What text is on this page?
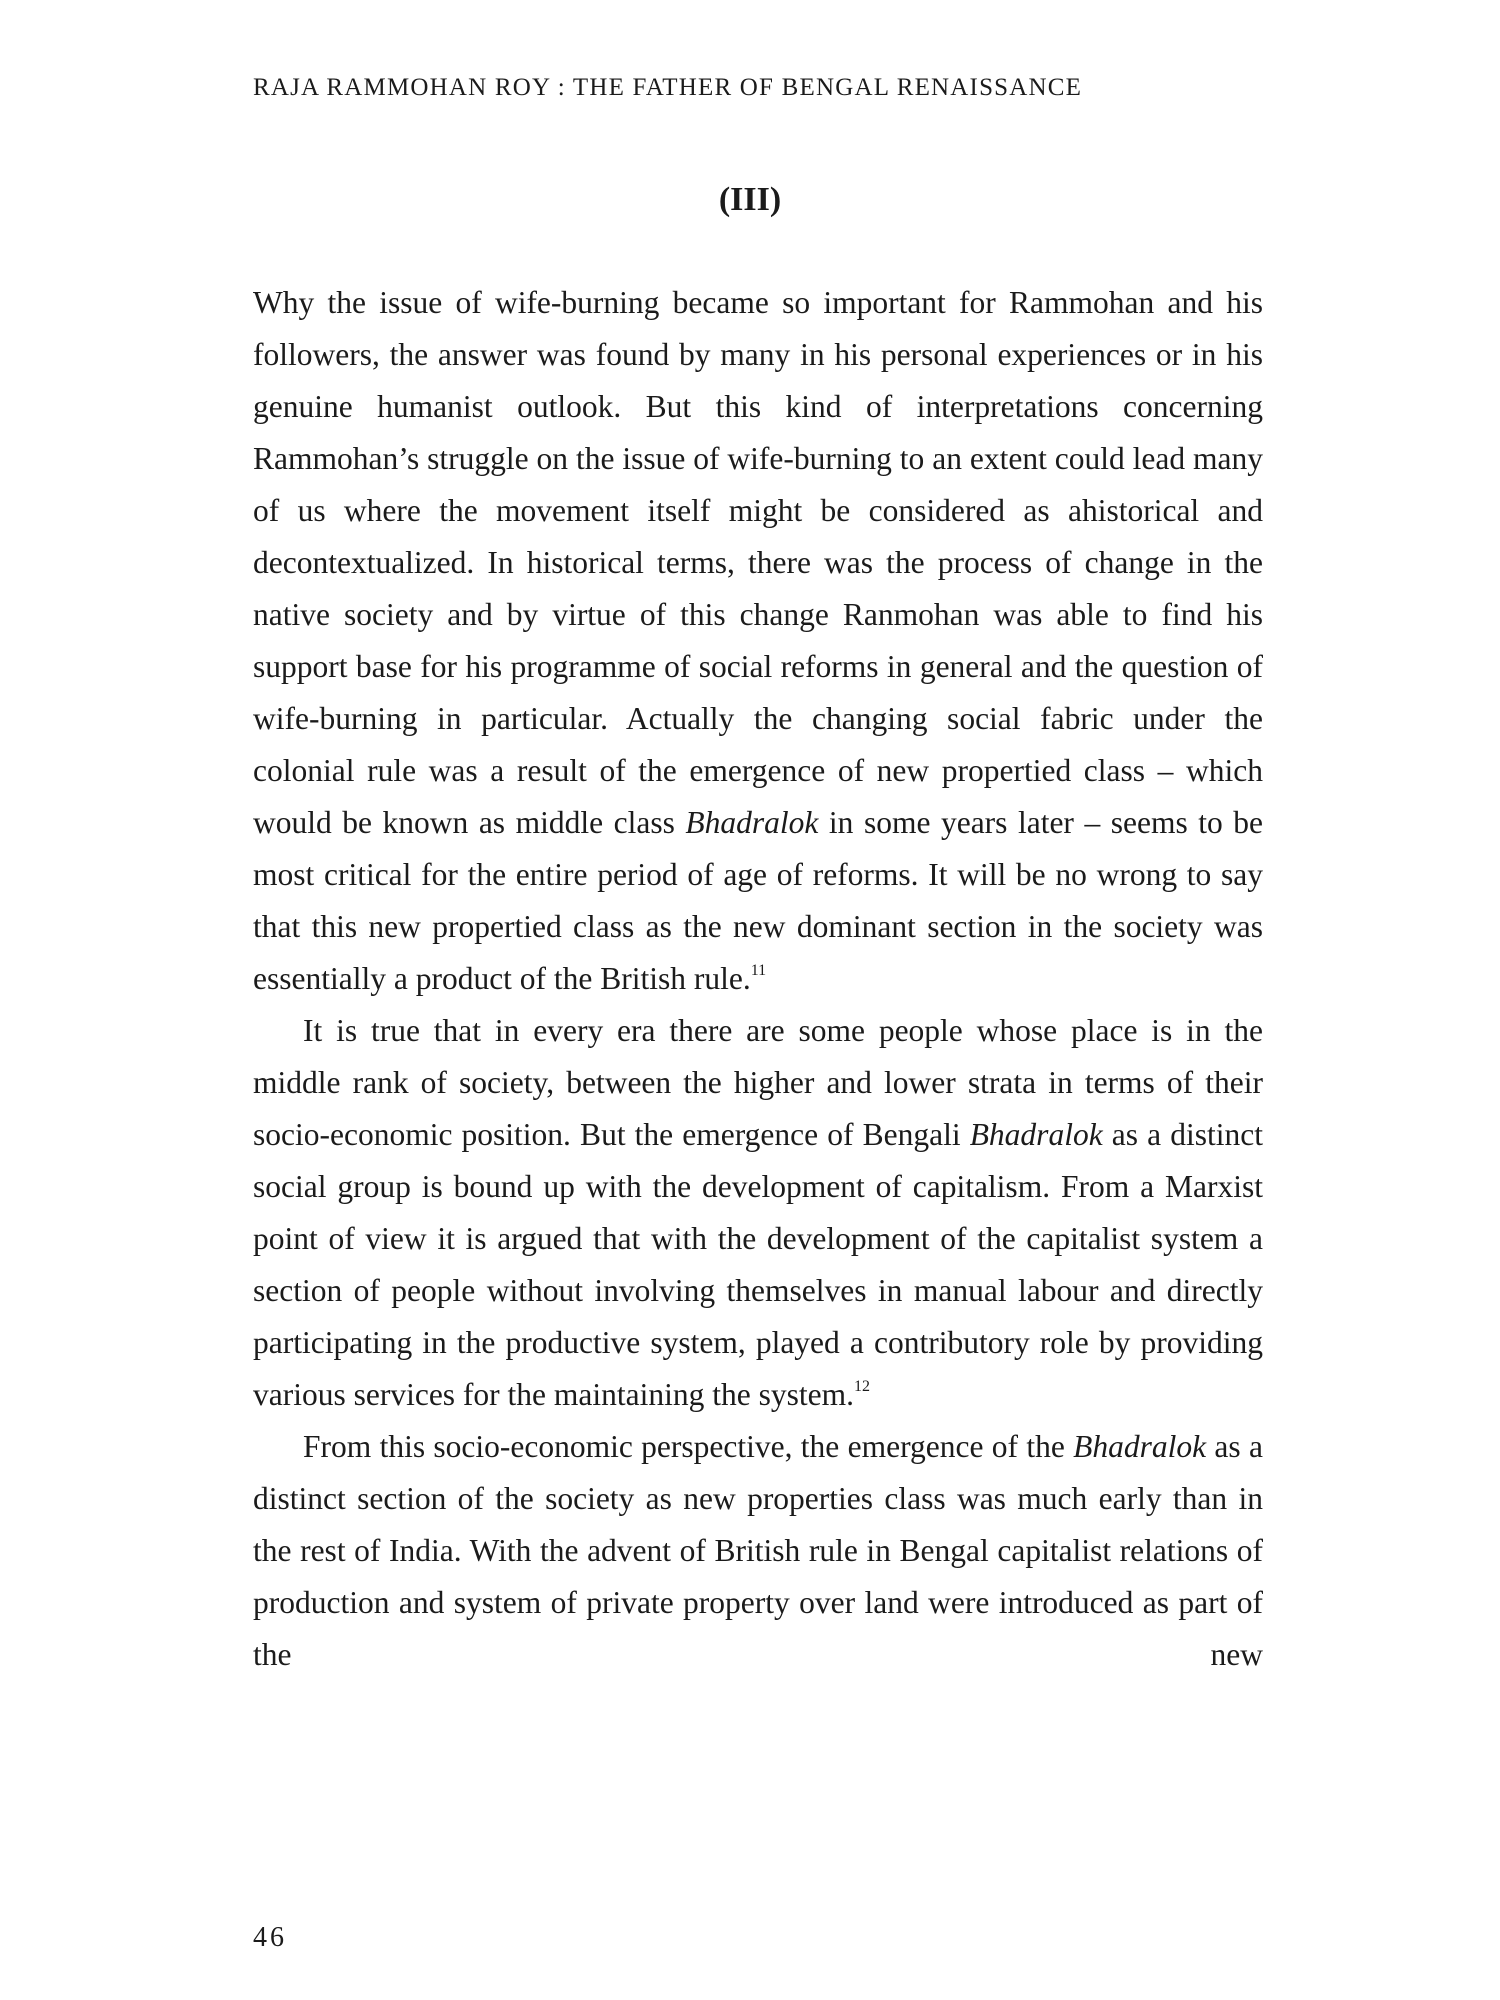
RAJA RAMMOHAN ROY : THE FATHER OF BENGAL RENAISSANCE
(III)

Why the issue of wife-burning became so important for Rammohan and his followers, the answer was found by many in his personal experiences or in his genuine humanist outlook. But this kind of interpretations concerning Rammohan’s struggle on the issue of wife-burning to an extent could lead many of us where the movement itself might be considered as ahistorical and decontextualized. In historical terms, there was the process of change in the native society and by virtue of this change Ranmohan was able to find his support base for his programme of social reforms in general and the question of wife-burning in particular. Actually the changing social fabric under the colonial rule was a result of the emergence of new propertied class – which would be known as middle class Bhadralok in some years later – seems to be most critical for the entire period of age of reforms. It will be no wrong to say that this new propertied class as the new dominant section in the society was essentially a product of the British rule.$^{11}$

It is true that in every era there are some people whose place is in the middle rank of society, between the higher and lower strata in terms of their socio-economic position. But the emergence of Bengali Bhadralok as a distinct social group is bound up with the development of capitalism. From a Marxist point of view it is argued that with the development of the capitalist system a section of people without involving themselves in manual labour and directly participating in the productive system, played a contributory role by providing various services for the maintaining the system.$^{12}$

From this socio-economic perspective, the emergence of the Bhadralok as a distinct section of the society as new properties class was much early than in the rest of India. With the advent of British rule in Bengal capitalist relations of production and system of private property over land were introduced as part of the new

46
